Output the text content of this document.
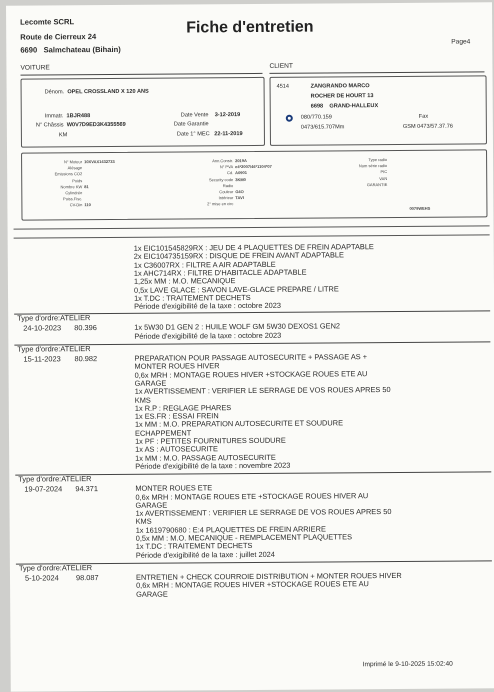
Lecomte SCRL
Route de Cierreux 24
6690 Salmchateau (Bihain)
Fiche d'entretien
Page4
VOITURE	CLIENT
Dénom. OPEL CROSSLAND X 120 ANS
Immatr. 1BJR488
N° Châssis W0V7D9ED3K4355569
KM
Date Vente 3-12-2019
Date Garantie
Date 1° MEC 22-11-2019
4514	ZANGRANDO MARCO
ROCHER DE HOURT 13
6698 GRAND-HALLEUX
080/770.159
0473/615.707Mm
Fax
GSM 0473/57.37.76
N° Moteur 10XVAX1432733
Alésage
Emissions CO2
Poids
Nombre KW 81
Cylindrée
Puiss.Fisc.
CV-Din 110
Ann.Constr. 2019A
N° PVA e4*2007/46*1104*07
Cd. A0901
Security code 3KM0
Radio
Couleur G4O
Intérieur TAVI
2° mise en circ
Type radio
Num série radio
PIC
VAN
GARANTIE
0079WEHS
1x EIC101545829RX : JEU DE 4 PLAQUETTES DE FREIN ADAPTABLE
2x EIC104735159RX : DISQUE DE FREIN AVANT ADAPTABLE
1x C36007RX : FILTRE A AIR ADAPTABLE
1x AHC714RX : FILTRE D'HABITACLE ADAPTABLE
1,25x MM : M.O. MECANIQUE
0,5x LAVE GLACE : SAVON LAVE-GLACE PREPARE / LITRE
1x T.DC : TRAITEMENT DECHETS
Période d'exigibilité de la taxe : octobre 2023
Type d'ordre:ATELIER
24-10-2023 80.396	1x 5W30 D1 GEN 2 : HUILE WOLF GM 5W30 DEXOS1 GEN2
Période d'exigibilité de la taxe : octobre 2023
Type d'ordre:ATELIER
15-11-2023 80.982	PREPARATION POUR PASSAGE AUTOSECURITE + PASSAGE AS +
MONTER ROUES HIVER
0,6x MRH : MONTAGE ROUES HIVER +STOCKAGE ROUES ETE AU
GARAGE
1x AVERTISSEMENT : VERIFIER LE SERRAGE DE VOS ROUES APRES 50
KMS
1x R.P : REGLAGE PHARES
1x ES.FR : ESSAI FREIN
1x MM : M.O. PREPARATION AUTOSECURITE ET SOUDURE
ECHAPPEMENT
1x PF : PETITES FOURNITURES SOUDURE
1x AS : AUTOSECURITE
1x MM : M.O. PASSAGE AUTOSECURITE
Période d'exigibilité de la taxe : novembre 2023
Type d'ordre:ATELIER
19-07-2024 94.371	MONTER ROUES ETE
0,6x MRH : MONTAGE ROUES ETE +STOCKAGE ROUES HIVER AU
GARAGE
1x AVERTISSEMENT : VERIFIER LE SERRAGE DE VOS ROUES APRES 50
KMS
1x 1619790680 : E:4 PLAQUETTES DE FREIN ARRIERE
0,5x MM : M.O. MECANIQUE - REMPLACEMENT PLAQUETTES
1x T.DC : TRAITEMENT DECHETS
Période d'exigibilité de la taxe : juillet 2024
Type d'ordre:ATELIER
5-10-2024 98.087	ENTRETIEN + CHECK COURROIE DISTRIBUTION + MONTER ROUES HIVER
0,6x MRH : MONTAGE ROUES HIVER +STOCKAGE ROUES ETE AU
GARAGE
Imprimé le 9-10-2025 15:02:40
